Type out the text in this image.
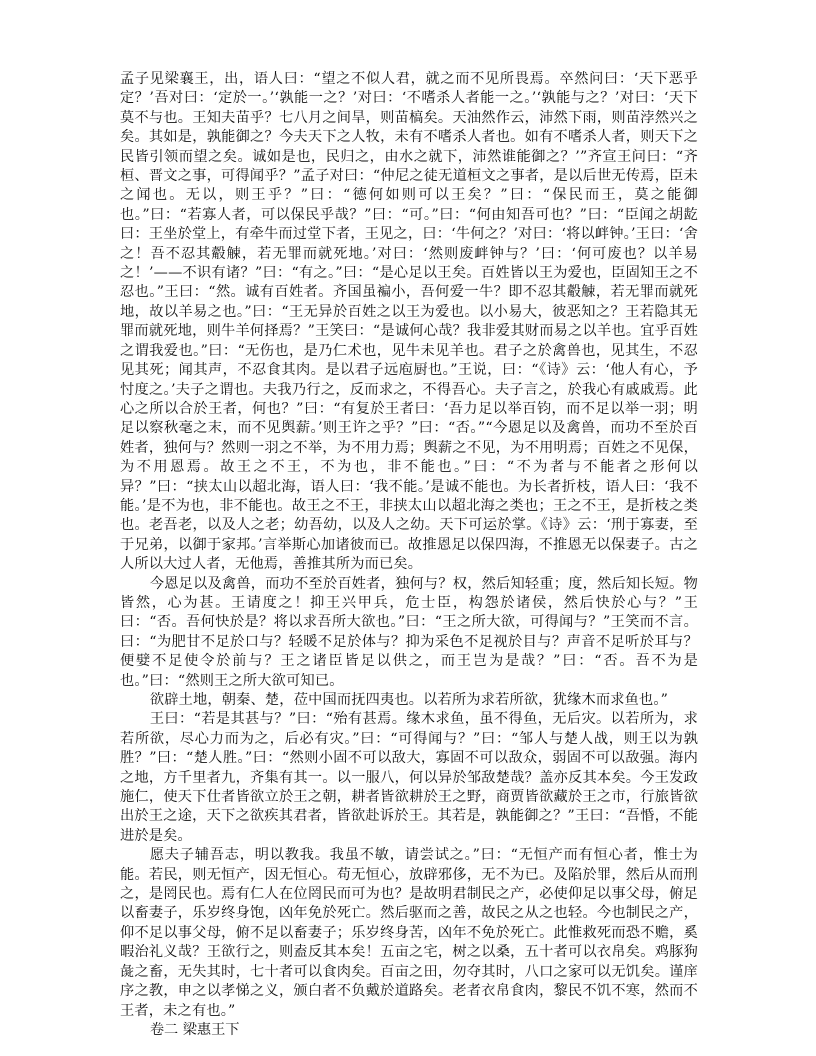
孟子见梁襄王，出，语人曰：“望之不似人君，就之而不见所畏焉。卒然问曰：‘天下恶乎定？’吾对曰：‘定於一。’‘孰能一之？’对曰：‘不嗜杀人者能一之。’‘孰能与之？’对曰：‘天下莫不与也。王知夫苗乎？七八月之间旱，则苗槁矣。天油然作云，沛然下雨，则苗浡然兴之矣。其如是，孰能御之？今夫天下之人牧，未有不嗜杀人者也。如有不嗜杀人者，则天下之民皆引领而望之矣。诚如是也，民归之，由水之就下，沛然谁能御之？’”齐宣王问曰：“齐桓、晋文之事，可得闻乎？”孟子对曰：“仲尼之徒无道桓文之事者，是以后世无传焉，臣未之闻也。无以，则王乎？”曰：“德何如则可以王矣？”曰：“保民而王，莫之能御也。”曰：“若寡人者，可以保民乎哉？”曰：“可。”曰：“何由知吾可也？”曰：“臣闻之胡龁曰：王坐於堂上，有牵牛而过堂下者，王见之，曰：‘牛何之？’对曰：‘将以衅钟。’王曰：‘舍之！吾不忍其觳觫，若无罪而就死地。’对曰：‘然则废衅钟与？’曰：‘何可废也？以羊易之！’——不识有诸？”曰：“有之。”曰：“是心足以王矣。百姓皆以王为爱也，臣固知王之不忍也。”王曰：“然。诚有百姓者。齐国虽褊小，吾何爱一牛？即不忍其觳觫，若无罪而就死地，故以羊易之也。”曰：“王无异於百姓之以王为爱也。以小易大，彼恶知之？王若隐其无罪而就死地，则牛羊何择焉？”王笑曰：“是诚何心哉？我非爱其财而易之以羊也。宜乎百姓之谓我爱也。”曰：“无伤也，是乃仁术也，见牛未见羊也。君子之於禽兽也，见其生，不忍见其死；闻其声，不忍食其肉。是以君子远庖厨也。”王说，曰：“《诗》云：‘他人有心，予忖度之。’夫子之谓也。夫我乃行之，反而求之，不得吾心。夫子言之，於我心有戚戚焉。此心之所以合於王者，何也？”曰：“有复於王者曰：‘吾力足以举百钧，而不足以举一羽；明足以察秋毫之末，而不见舆薪。’则王许之乎？”曰：“否。”“今恩足以及禽兽，而功不至於百姓者，独何与？然则一羽之不举，为不用力焉；舆薪之不见，为不用明焉；百姓之不见保，为不用恩焉。故王之不王，不为也，非不能也。”曰：“不为者与不能者之形何以异？”曰：“挟太山以超北海，语人曰：‘我不能。’是诚不能也。为长者折枝，语人曰：‘我不能。’是不为也，非不能也。故王之不王，非挟太山以超北海之类也；王之不王，是折枝之类也。老吾老，以及人之老；幼吾幼，以及人之幼。天下可运於掌。《诗》云：‘刑于寡妻，至于兄弟，以御于家邦。’言举斯心加诸彼而已。故推恩足以保四海，不推恩无以保妻子。古之人所以大过人者，无他焉，善推其所为而已矣。

今恩足以及禽兽，而功不至於百姓者，独何与？权，然后知轻重；度，然后知长短。物皆然，心为甚。王请度之！抑王兴甲兵，危士臣，构怨於诸侯，然后快於心与？”王曰：“否。吾何快於是？将以求吾所大欲也。”曰：“王之所大欲，可得闻与？”王笑而不言。曰：“为肥甘不足於口与？轻暖不足於体与？抑为采色不足视於目与？声音不足听於耳与？便嬖不足使令於前与？王之诸臣皆足以供之，而王岂为是哉？”曰：“否。吾不为是也。”曰：“然则王之所大欲可知已。

欲辟土地，朝秦、楚，莅中国而抚四夷也。以若所为求若所欲，犹缘木而求鱼也。”

王曰：“若是其甚与？”曰：“殆有甚焉。缘木求鱼，虽不得鱼，无后灾。以若所为，求若所欲，尽心力而为之，后必有灾。”曰：“可得闻与？”曰：“邹人与楚人战，则王以为孰胜？”曰：“楚人胜。”曰：“然则小固不可以敌大，寡固不可以敌众，弱固不可以敌强。海内之地，方千里者九，齐集有其一。以一服八，何以异於邹敌楚哉？盖亦反其本矣。今王发政施仁，使天下仕者皆欲立於王之朝，耕者皆欲耕於王之野，商贾皆欲藏於王之市，行旅皆欲出於王之途，天下之欲疾其君者，皆欲赴诉於王。其若是，孰能御之？”王曰：“吾惛，不能进於是矣。

愿夫子辅吾志，明以教我。我虽不敏，请尝试之。”曰：“无恒产而有恒心者，惟士为能。若民，则无恒产，因无恒心。苟无恒心，放辟邪侈，无不为已。及陷於罪，然后从而刑之，是罔民也。焉有仁人在位罔民而可为也？是故明君制民之产，必使仰足以事父母，俯足以畜妻子，乐岁终身饱，凶年免於死亡。然后驱而之善，故民之从之也轻。今也制民之产，仰不足以事父母，俯不足以畜妻子；乐岁终身苦，凶年不免於死亡。此惟救死而恐不赡，奚暇治礼义哉？王欲行之，则盍反其本矣！五亩之宅，树之以桑，五十者可以衣帛矣。鸡豚狗彘之畜，无失其时，七十者可以食肉矣。百亩之田，勿夺其时，八口之家可以无饥矣。谨庠序之教，申之以孝悌之义，颁白者不负戴於道路矣。老者衣帛食肉，黎民不饥不寒，然而不王者，未之有也。”

卷二 梁惠王下
